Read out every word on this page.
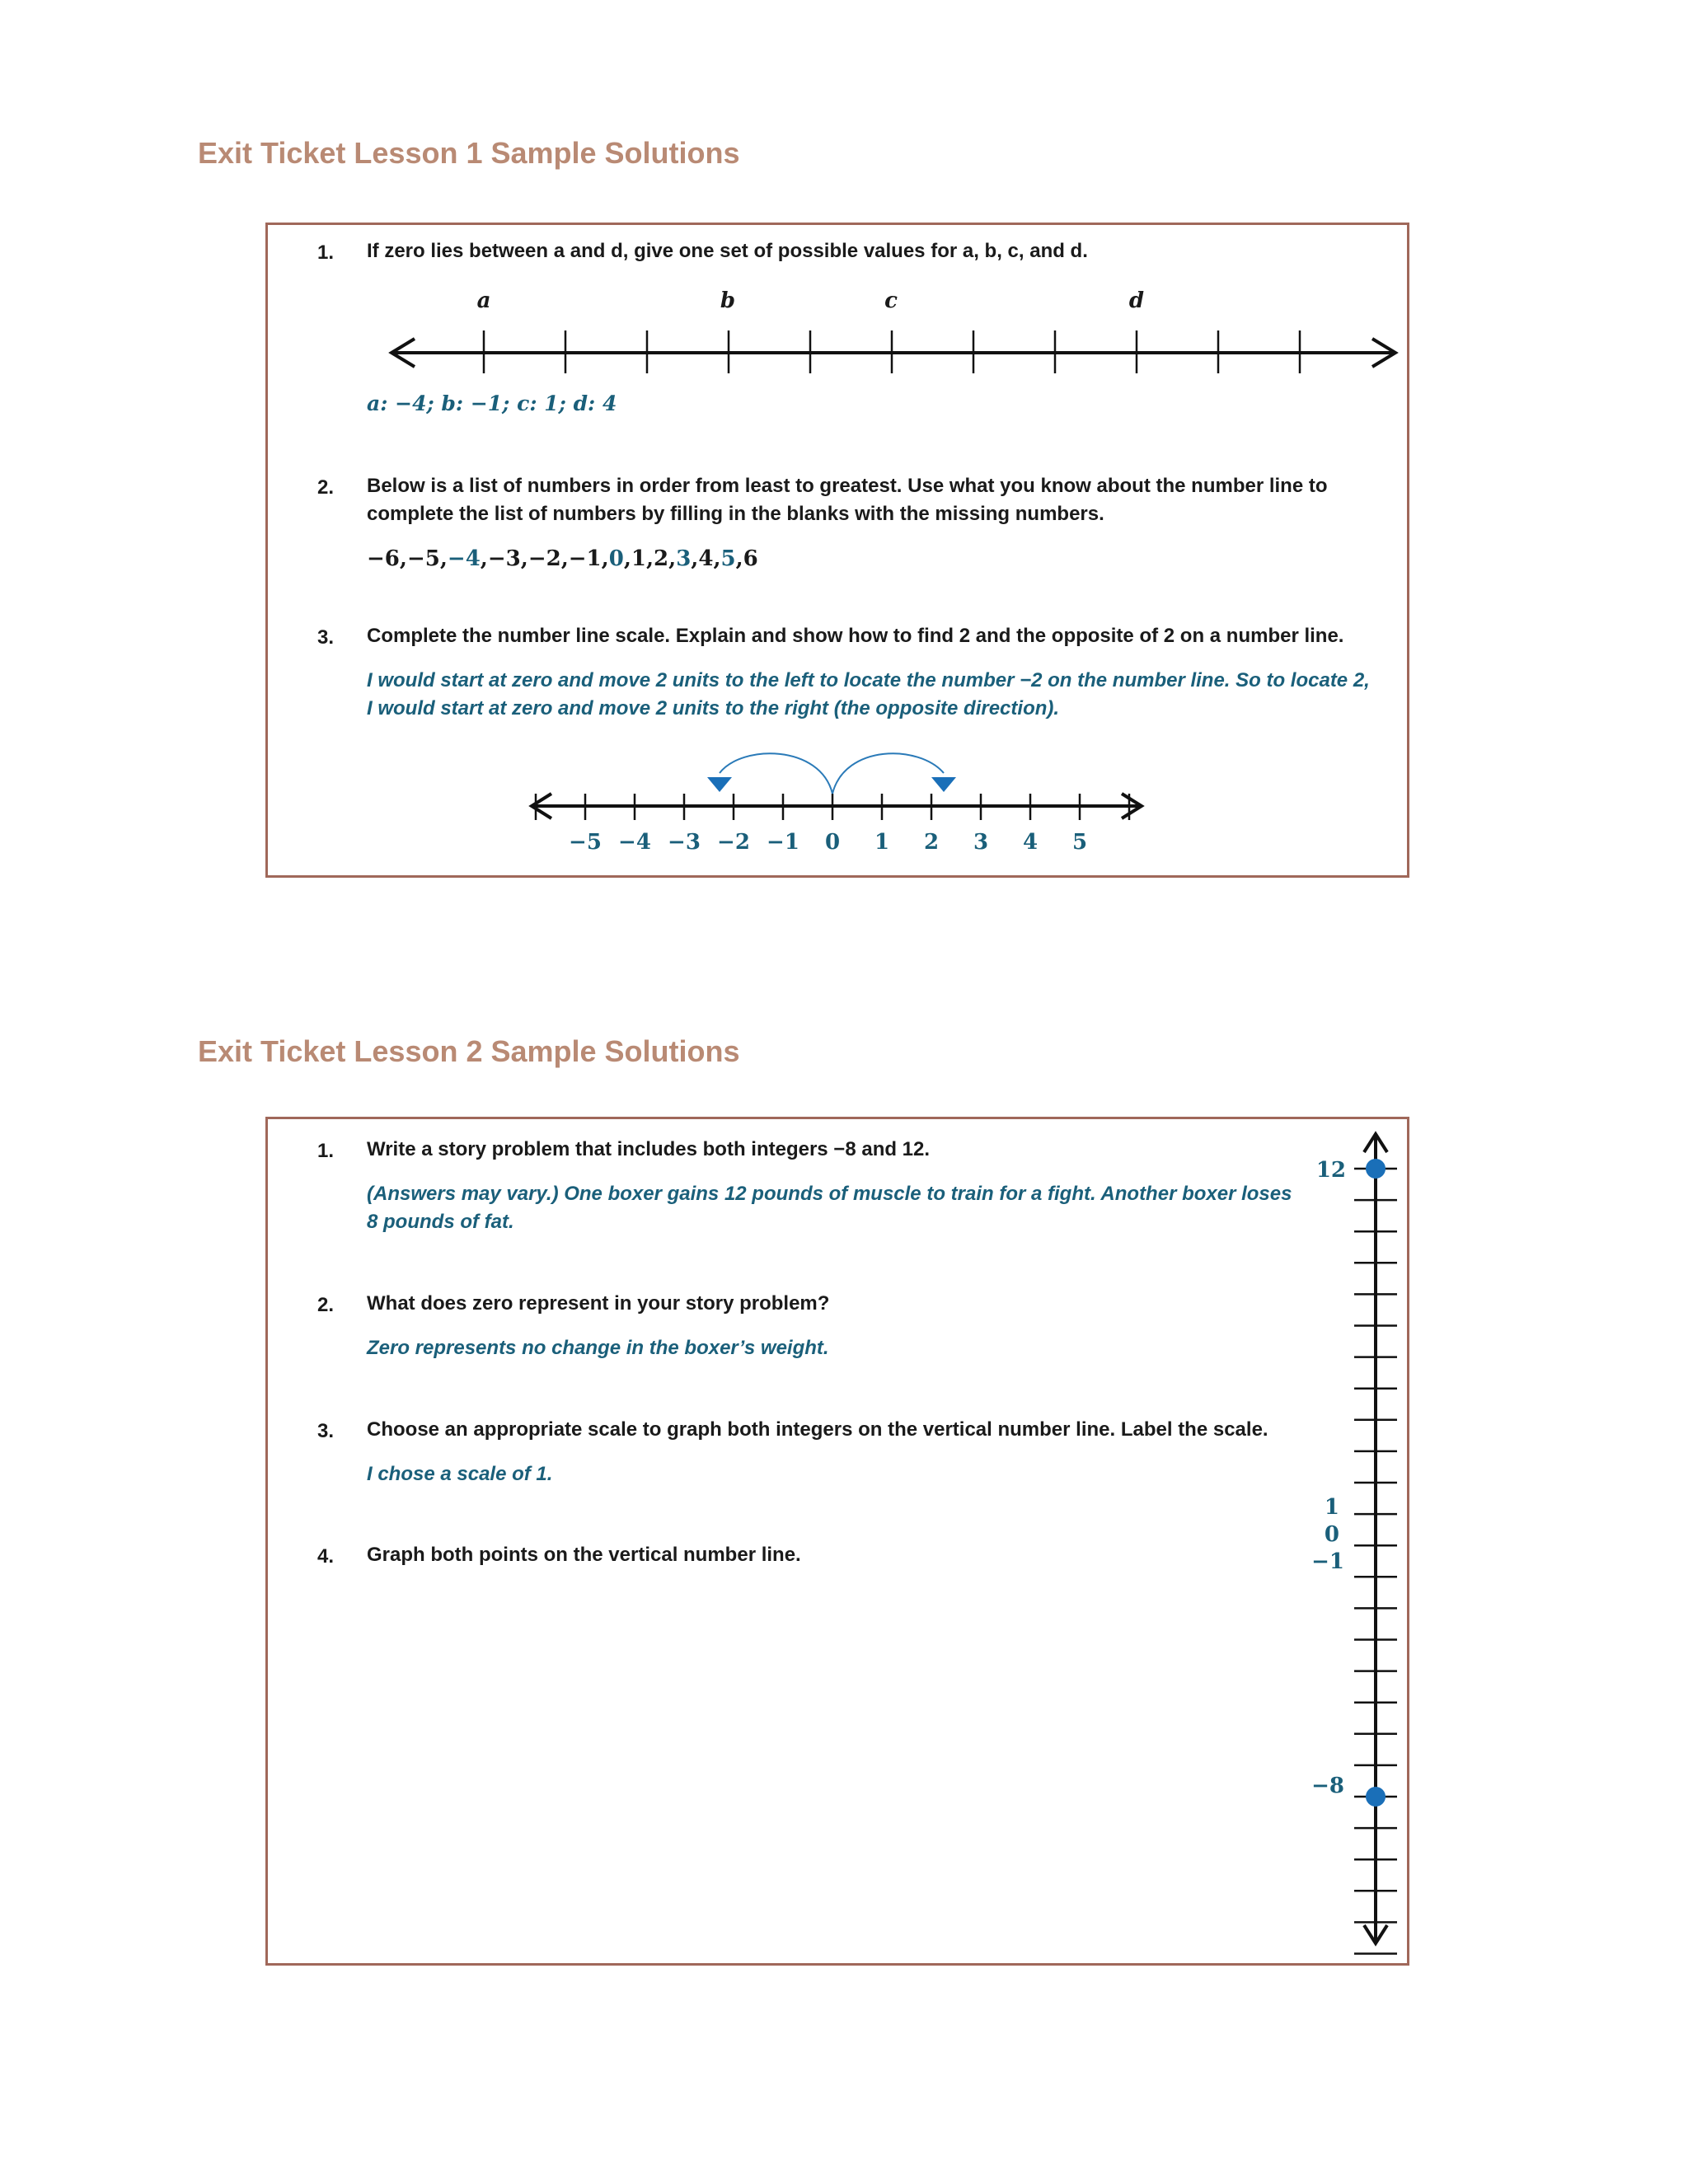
Exit Ticket Lesson 1 Sample Solutions
1. If zero lies between a and d, give one set of possible values for a, b, c, and d.
a	b	c	d
a: −4; b: −1; c: 1; d: 4
2. Below is a list of numbers in order from least to greatest. Use what you know about the number line to
complete the list of numbers by filling in the blanks with the missing numbers.
−6,−5,−4,−3,−2,−1,0,1,2,3,4,5,6
3. Complete the number line scale. Explain and show how to find 2 and the opposite of 2 on a number line.
I would start at zero and move 2 units to the left to locate the number −2 on the number line. So to locate 2,
I would start at zero and move 2 units to the right (the opposite direction).
−5 −4 −3 −2 −1 0 1 2 3 4 5
Exit Ticket Lesson 2 Sample Solutions
1. Write a story problem that includes both integers −8 and 12.
(Answers may vary.) One boxer gains 12 pounds of muscle to train for a fight. Another boxer loses
8 pounds of fat.
2. What does zero represent in your story problem?
Zero represents no change in the boxer’s weight.
3. Choose an appropriate scale to graph both integers on the vertical number line. Label the scale.
I chose a scale of 1.
4. Graph both points on the vertical number line.
12
1
0
−1
−8
